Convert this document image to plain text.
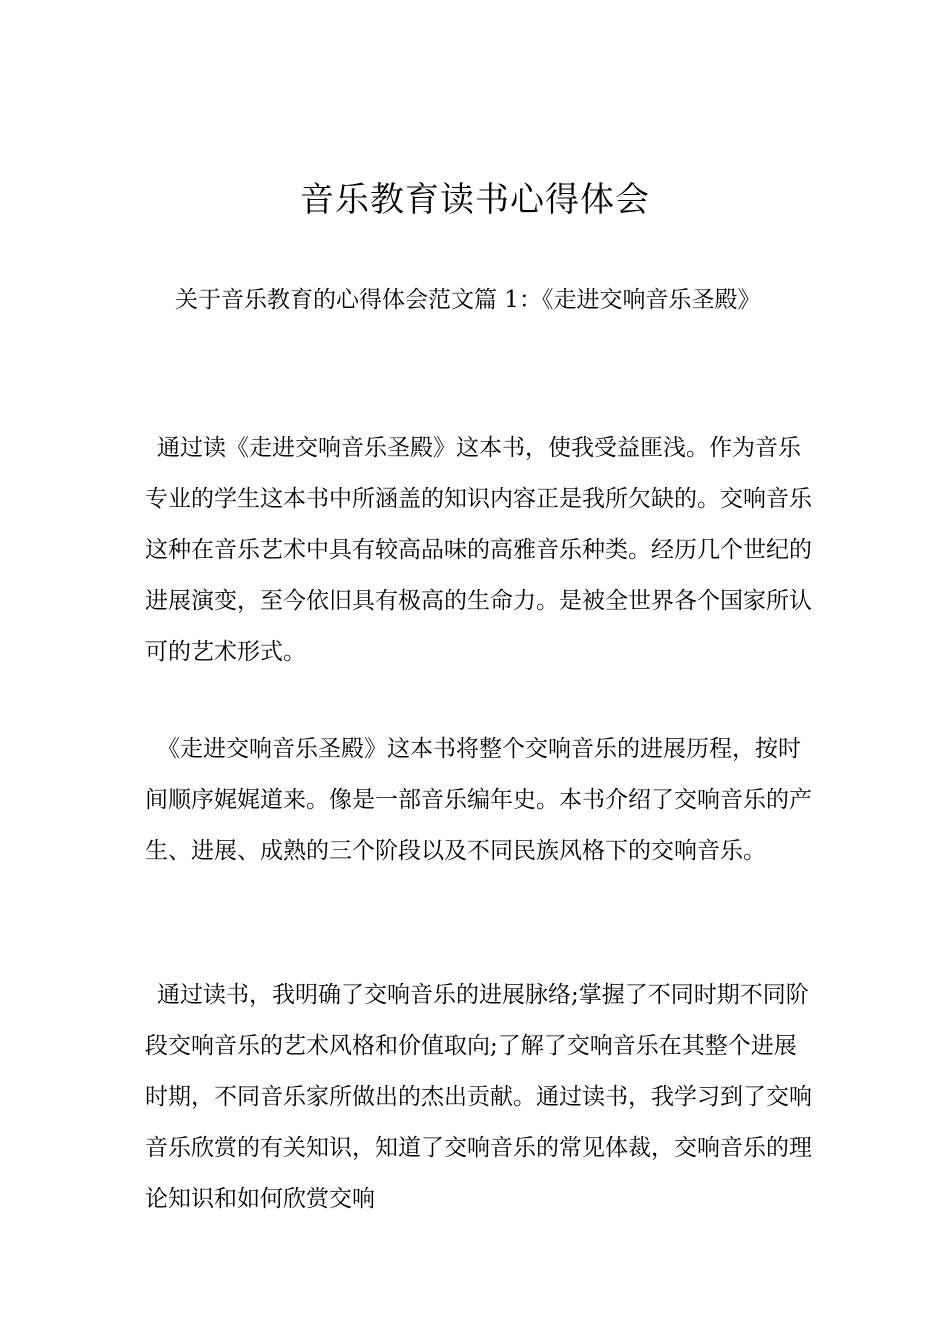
音乐教育读书心得体会

关于音乐教育的心得体会范文篇 1：《走进交响音乐圣殿》

通过读《走进交响音乐圣殿》这本书，使我受益匪浅。作为音乐专业的学生这本书中所涵盖的知识内容正是我所欠缺的。交响音乐这种在音乐艺术中具有较高品味的高雅音乐种类。经历几个世纪的进展演变，至今依旧具有极高的生命力。是被全世界各个国家所认可的艺术形式。

《走进交响音乐圣殿》这本书将整个交响音乐的进展历程，按时间顺序娓娓道来。像是一部音乐编年史。本书介绍了交响音乐的产生、进展、成熟的三个阶段以及不同民族风格下的交响音乐。

通过读书，我明确了交响音乐的进展脉络;掌握了不同时期不同阶段交响音乐的艺术风格和价值取向;了解了交响音乐在其整个进展时期，不同音乐家所做出的杰出贡献。通过读书，我学习到了交响音乐欣赏的有关知识，知道了交响音乐的常见体裁，交响音乐的理论知识和如何欣赏交响
